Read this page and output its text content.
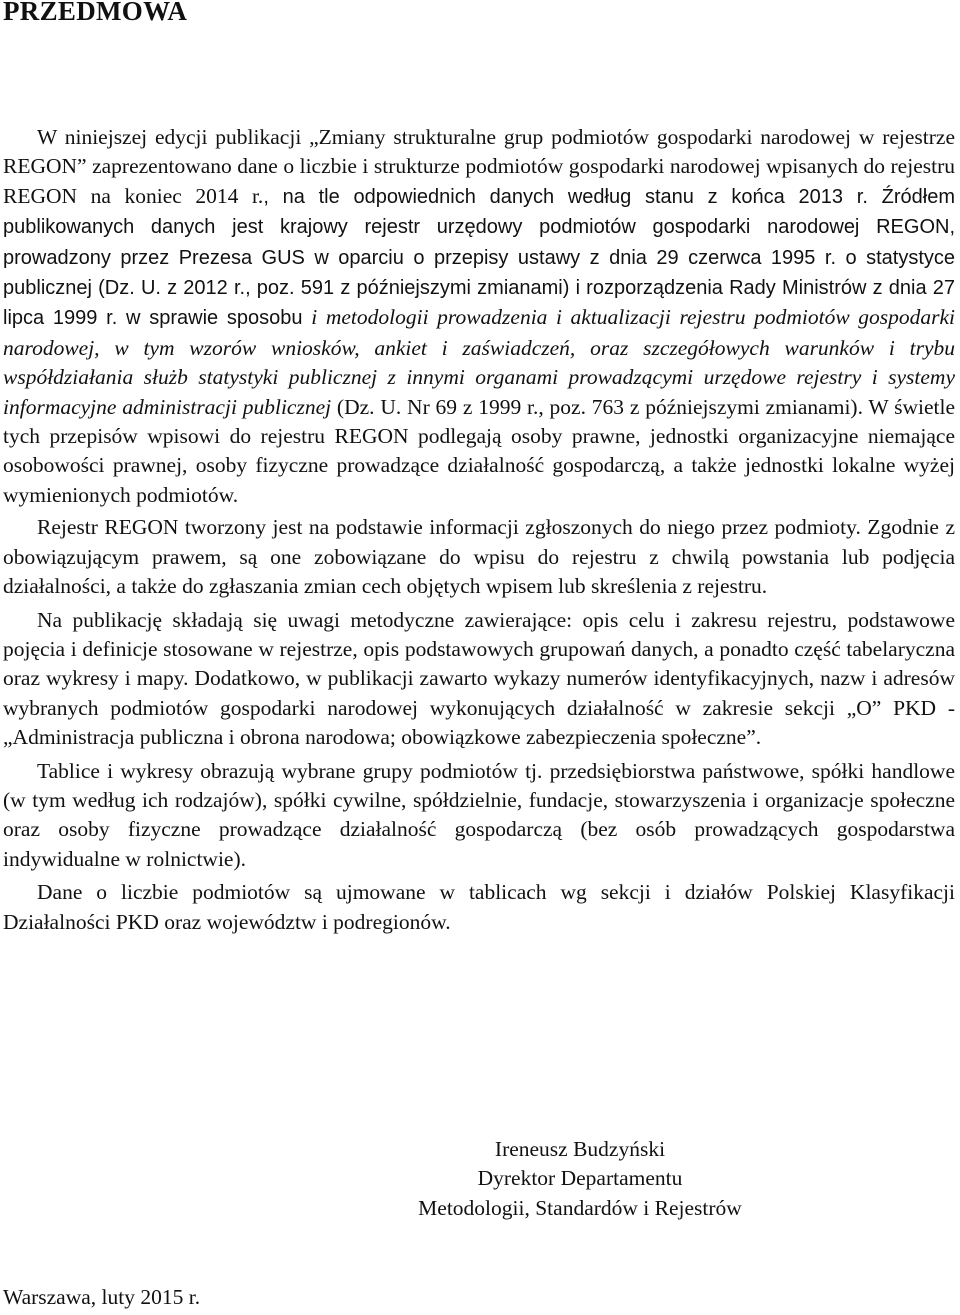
PRZEDMOWA

W niniejszej edycji publikacji „Zmiany strukturalne grup podmiotów gospodarki narodowej w rejestrze REGON” zaprezentowano dane o liczbie i strukturze podmiotów gospodarki narodowej wpisanych do rejestru REGON na koniec 2014 r., na tle odpowiednich danych według stanu z końca 2013 r. Źródłem publikowanych danych jest krajowy rejestr urzędowy podmiotów gospodarki narodowej REGON, prowadzony przez Prezesa GUS w oparciu o przepisy ustawy z dnia 29 czerwca 1995 r. o statystyce publicznej (Dz. U. z 2012 r., poz. 591 z późniejszymi zmianami) i rozporządzenia Rady Ministrów z dnia 27 lipca 1999 r. w sprawie sposobu i metodologii prowadzenia i aktualizacji rejestru podmiotów gospodarki narodowej, w tym wzorów wniosków, ankiet i zaświadczeń, oraz szczegółowych warunków i trybu współdziałania służb statystyki publicznej z innymi organami prowadzącymi urzędowe rejestry i systemy informacyjne administracji publicznej (Dz. U. Nr 69 z 1999 r., poz. 763 z późniejszymi zmianami). W świetle tych przepisów wpisowi do rejestru REGON podlegają osoby prawne, jednostki organizacyjne niemające osobowości prawnej, osoby fizyczne prowadzące działalność gospodarczą, a także jednostki lokalne wyżej wymienionych podmiotów.

Rejestr REGON tworzony jest na podstawie informacji zgłoszonych do niego przez podmioty. Zgodnie z obowiązującym prawem, są one zobowiązane do wpisu do rejestru z chwilą powstania lub podjęcia działalności, a także do zgłaszania zmian cech objętych wpisem lub skreślenia z rejestru.

Na publikację składają się uwagi metodyczne zawierające: opis celu i zakresu rejestru, podstawowe pojęcia i definicje stosowane w rejestrze, opis podstawowych grupowań danych, a ponadto część tabelaryczna oraz wykresy i mapy. Dodatkowo, w publikacji zawarto wykazy numerów identyfikacyjnych, nazw i adresów wybranych podmiotów gospodarki narodowej wykonujących działalność w zakresie sekcji „O” PKD - „Administracja publiczna i obrona narodowa; obowiązkowe zabezpieczenia społeczne”.

Tablice i wykresy obrazują wybrane grupy podmiotów tj. przedsiębiorstwa państwowe, spółki handlowe (w tym według ich rodzajów), spółki cywilne, spółdzielnie, fundacje, stowarzyszenia i organizacje społeczne oraz osoby fizyczne prowadzące działalność gospodarczą (bez osób prowadzących gospodarstwa indywidualne w rolnictwie).

Dane o liczbie podmiotów są ujmowane w tablicach wg sekcji i działów Polskiej Klasyfikacji Działalności PKD oraz województw i podregionów.

Ireneusz Budzyński
Dyrektor Departamentu
Metodologii, Standardów i Rejestrów
Warszawa, luty 2015 r.
